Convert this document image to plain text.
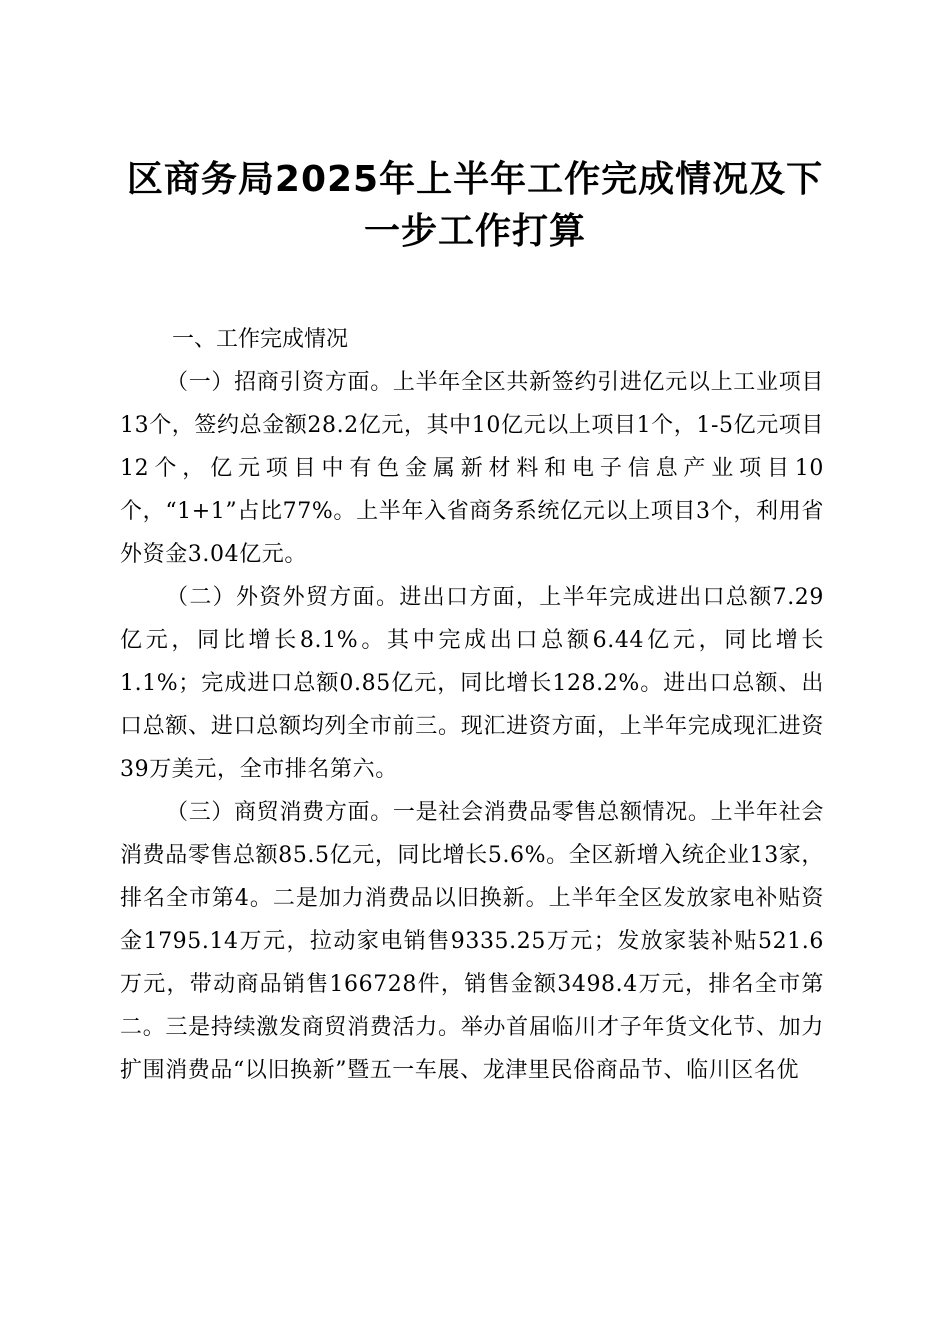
区商务局2025年上半年工作完成情况及下一步工作打算

一、工作完成情况

（一）招商引资方面。上半年全区共新签约引进亿元以上工业项目13个，签约总金额28.2亿元，其中10亿元以上项目1个，1-5亿元项目12个，亿元项目中有色金属新材料和电子信息产业项目10个，“1+1”占比77%。上半年入省商务系统亿元以上项目3个，利用省外资金3.04亿元。

（二）外资外贸方面。进出口方面，上半年完成进出口总额7.29亿元，同比增长8.1%。其中完成出口总额6.44亿元，同比增长1.1%；完成进口总额0.85亿元，同比增长128.2%。进出口总额、出口总额、进口总额均列全市前三。现汇进资方面，上半年完成现汇进资39万美元，全市排名第六。

（三）商贸消费方面。一是社会消费品零售总额情况。上半年社会消费品零售总额85.5亿元，同比增长5.6%。全区新增入统企业13家，排名全市第4。二是加力消费品以旧换新。上半年全区发放家电补贴资金1795.14万元，拉动家电销售9335.25万元；发放家装补贴521.6万元，带动商品销售166728件，销售金额3498.4万元，排名全市第二。三是持续激发商贸消费活力。举办首届临川才子年货文化节、加力扩围消费品“以旧换新”暨五一车展、龙津里民俗商品节、临川区名优
